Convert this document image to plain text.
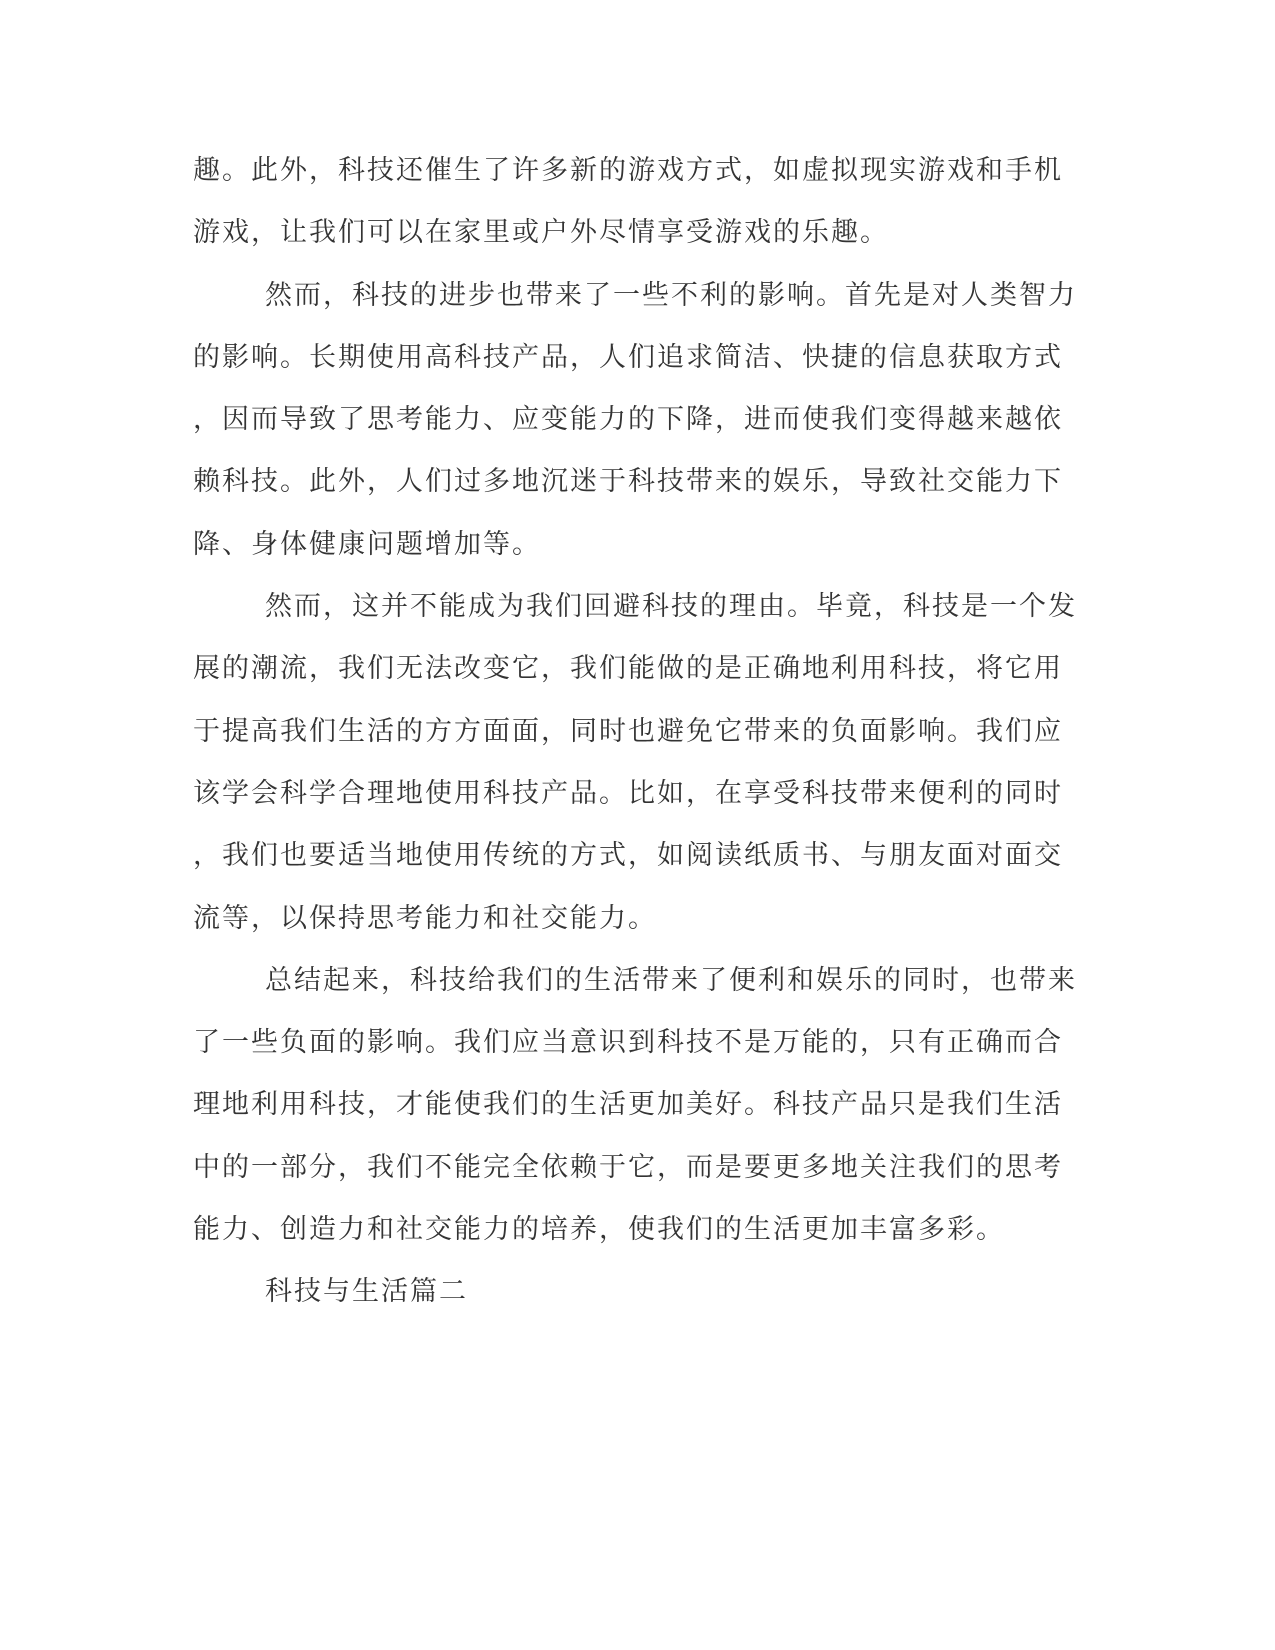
趣。此外，科技还催生了许多新的游戏方式，如虚拟现实游戏和手机
游戏，让我们可以在家里或户外尽情享受游戏的乐趣。
然而，科技的进步也带来了一些不利的影响。首先是对人类智力
的影响。长期使用高科技产品，人们追求简洁、快捷的信息获取方式
，因而导致了思考能力、应变能力的下降，进而使我们变得越来越依
赖科技。此外，人们过多地沉迷于科技带来的娱乐，导致社交能力下
降、身体健康问题增加等。
然而，这并不能成为我们回避科技的理由。毕竟，科技是一个发
展的潮流，我们无法改变它，我们能做的是正确地利用科技，将它用
于提高我们生活的方方面面，同时也避免它带来的负面影响。我们应
该学会科学合理地使用科技产品。比如，在享受科技带来便利的同时
，我们也要适当地使用传统的方式，如阅读纸质书、与朋友面对面交
流等，以保持思考能力和社交能力。
总结起来，科技给我们的生活带来了便利和娱乐的同时，也带来
了一些负面的影响。我们应当意识到科技不是万能的，只有正确而合
理地利用科技，才能使我们的生活更加美好。科技产品只是我们生活
中的一部分，我们不能完全依赖于它，而是要更多地关注我们的思考
能力、创造力和社交能力的培养，使我们的生活更加丰富多彩。
科技与生活篇二
